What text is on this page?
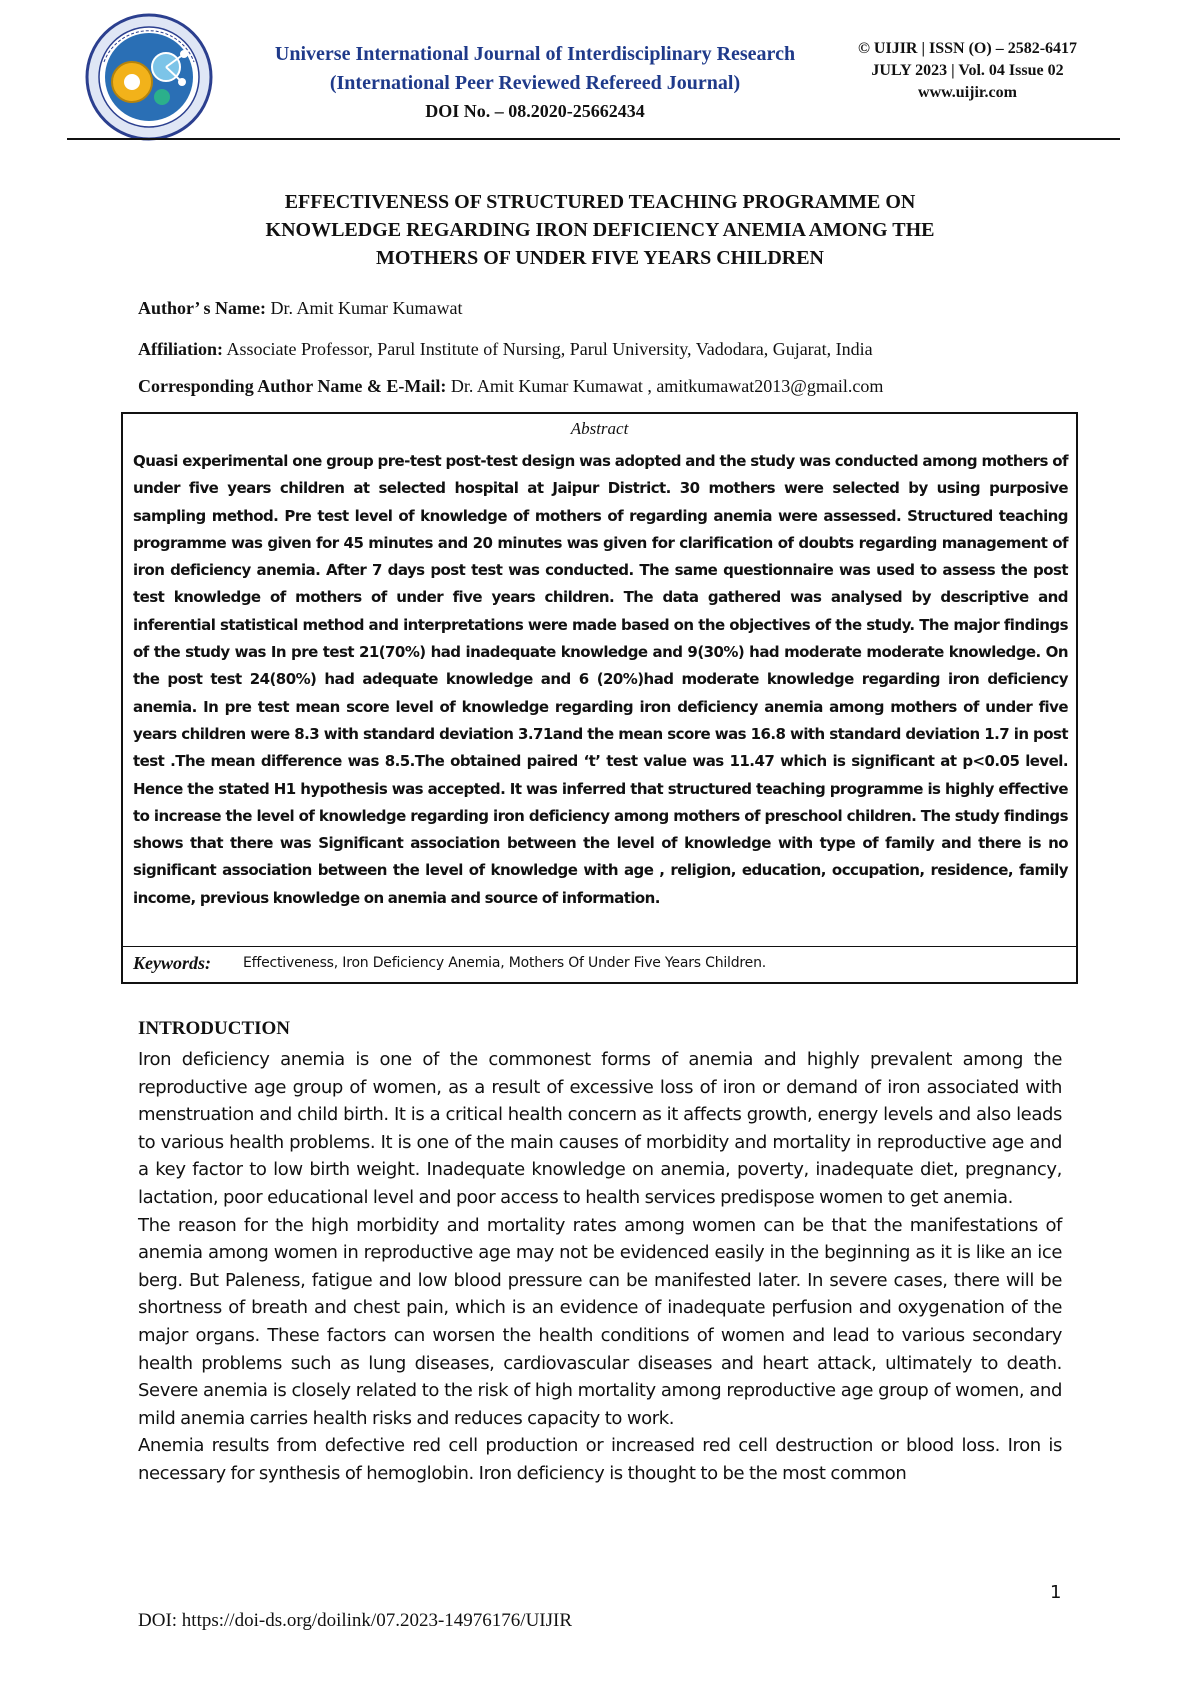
Universe International Journal of Interdisciplinary Research
(International Peer Reviewed Refereed Journal)
DOI No. – 08.2020-25662434
© UIJIR | ISSN (O) – 2582-6417
JULY 2023 | Vol. 04 Issue 02
www.uijir.com
EFFECTIVENESS OF STRUCTURED TEACHING PROGRAMME ON
KNOWLEDGE REGARDING IRON DEFICIENCY ANEMIA AMONG THE
MOTHERS OF UNDER FIVE YEARS CHILDREN
Author’ s Name: Dr. Amit Kumar Kumawat
Affiliation: Associate Professor, Parul Institute of Nursing, Parul University, Vadodara, Gujarat, India
Corresponding Author Name & E-Mail: Dr. Amit Kumar Kumawat , amitkumawat2013@gmail.com
Abstract
Quasi experimental one group pre-test post-test design was adopted and the study was conducted among mothers of under five years children at selected hospital at Jaipur District. 30 mothers were selected by using purposive sampling method. Pre test level of knowledge of mothers of regarding anemia were assessed. Structured teaching programme was given for 45 minutes and 20 minutes was given for clarification of doubts regarding management of iron deficiency anemia. After 7 days post test was conducted. The same questionnaire was used to assess the post test knowledge of mothers of under five years children. The data gathered was analysed by descriptive and inferential statistical method and interpretations were made based on the objectives of the study. The major findings of the study was In pre test 21(70%) had inadequate knowledge and 9(30%) had moderate moderate knowledge. On the post test 24(80%) had adequate knowledge and 6 (20%)had moderate knowledge regarding iron deficiency anemia. In pre test mean score level of knowledge regarding iron deficiency anemia among mothers of under five years children were 8.3 with standard deviation 3.71and the mean score was 16.8 with standard deviation 1.7 in post test .The mean difference was 8.5.The obtained paired ‘t’ test value was 11.47 which is significant at p<0.05 level. Hence the stated H1 hypothesis was accepted. It was inferred that structured teaching programme is highly effective to increase the level of knowledge regarding iron deficiency among mothers of preschool children. The study findings shows that there was Significant association between the level of knowledge with type of family and there is no significant association between the level of knowledge with age , religion, education, occupation, residence, family income, previous knowledge on anemia and source of information.
Keywords: Effectiveness, Iron Deficiency Anemia, Mothers Of Under Five Years Children.
INTRODUCTION

Iron deficiency anemia is one of the commonest forms of anemia and highly prevalent among the reproductive age group of women, as a result of excessive loss of iron or demand of iron associated with menstruation and child birth. It is a critical health concern as it affects growth, energy levels and also leads to various health problems. It is one of the main causes of morbidity and mortality in reproductive age and a key factor to low birth weight. Inadequate knowledge on anemia, poverty, inadequate diet, pregnancy, lactation, poor educational level and poor access to health services predispose women to get anemia.

The reason for the high morbidity and mortality rates among women can be that the manifestations of anemia among women in reproductive age may not be evidenced easily in the beginning as it is like an ice berg. But Paleness, fatigue and low blood pressure can be manifested later. In severe cases, there will be shortness of breath and chest pain, which is an evidence of inadequate perfusion and oxygenation of the major organs. These factors can worsen the health conditions of women and lead to various secondary health problems such as lung diseases, cardiovascular diseases and heart attack, ultimately to death. Severe anemia is closely related to the risk of high mortality among reproductive age group of women, and mild anemia carries health risks and reduces capacity to work.

Anemia results from defective red cell production or increased red cell destruction or blood loss. Iron is necessary for synthesis of hemoglobin. Iron deficiency is thought to be the most common

1
DOI: https://doi-ds.org/doilink/07.2023-14976176/UIJIR
